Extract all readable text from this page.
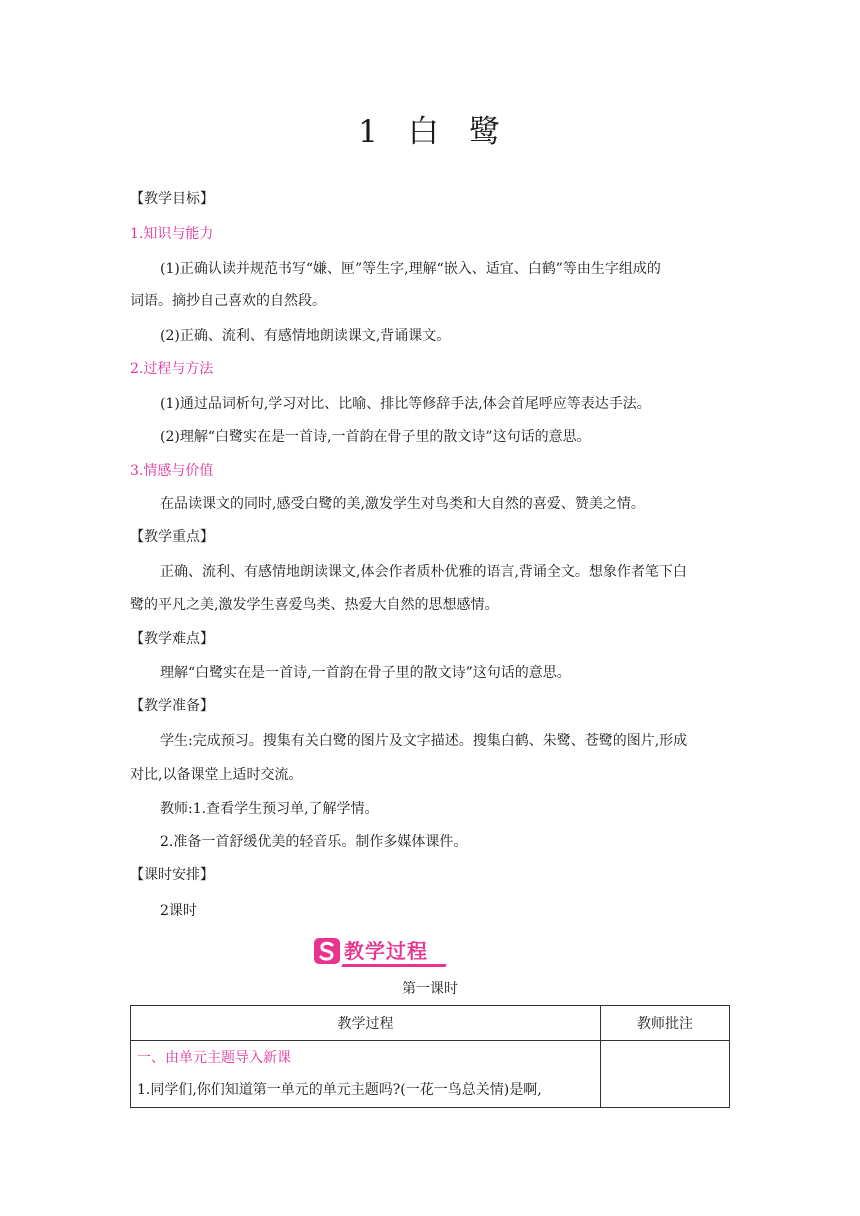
1 白 鹭
【教学目标】
1.知识与能力
(1)正确认读并规范书写“嫌、匣”等生字,理解“嵌入、适宜、白鹤”等由生字组成的
词语。摘抄自己喜欢的自然段。
(2)正确、流利、有感情地朗读课文,背诵课文。
2.过程与方法
(1)通过品词析句,学习对比、比喻、排比等修辞手法,体会首尾呼应等表达手法。
(2)理解“白鹭实在是一首诗,一首韵在骨子里的散文诗”这句话的意思。
3.情感与价值
在品读课文的同时,感受白鹭的美,激发学生对鸟类和大自然的喜爱、赞美之情。
【教学重点】
正确、流利、有感情地朗读课文,体会作者质朴优雅的语言,背诵全文。想象作者笔下白
鹭的平凡之美,激发学生喜爱鸟类、热爱大自然的思想感情。
【教学难点】
理解“白鹭实在是一首诗,一首韵在骨子里的散文诗”这句话的意思。
【教学准备】
学生:完成预习。搜集有关白鹭的图片及文字描述。搜集白鹤、朱鹭、苍鹭的图片,形成
对比,以备课堂上适时交流。
教师:1.查看学生预习单,了解学情。
2.准备一首舒缓优美的轻音乐。制作多媒体课件。
【课时安排】
2课时
教学过程
第一课时
教学过程	教师批注

一、由单元主题导入新课
1.同学们,你们知道第一单元的单元主题吗?(一花一鸟总关情)是啊,	
